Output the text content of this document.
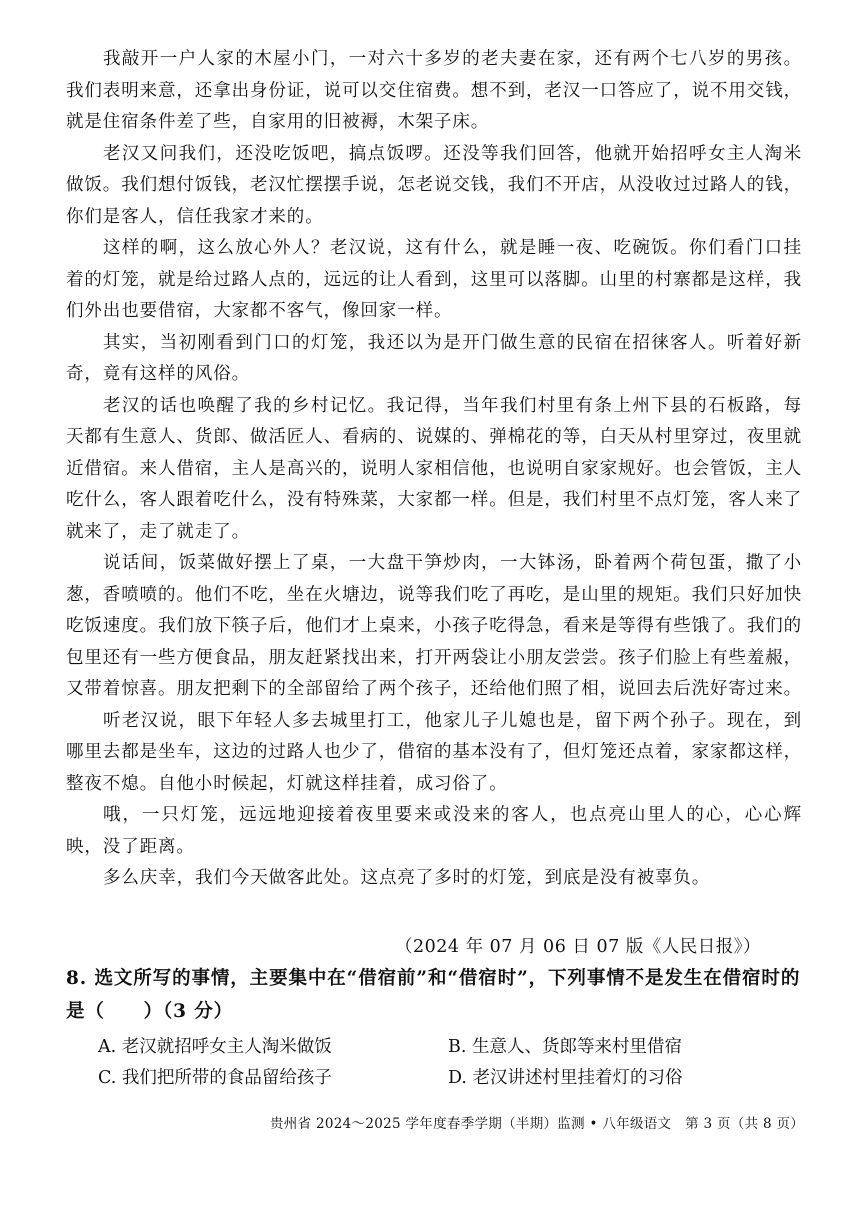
我敲开一户人家的木屋小门，一对六十多岁的老夫妻在家，还有两个七八岁的男孩。我们表明来意，还拿出身份证，说可以交住宿费。想不到，老汉一口答应了，说不用交钱，就是住宿条件差了些，自家用的旧被褥，木架子床。

老汉又问我们，还没吃饭吧，搞点饭啰。还没等我们回答，他就开始招呼女主人淘米做饭。我们想付饭钱，老汉忙摆摆手说，怎老说交钱，我们不开店，从没收过过路人的钱，你们是客人，信任我家才来的。

这样的啊，这么放心外人？老汉说，这有什么，就是睡一夜、吃碗饭。你们看门口挂着的灯笼，就是给过路人点的，远远的让人看到，这里可以落脚。山里的村寨都是这样，我们外出也要借宿，大家都不客气，像回家一样。

其实，当初刚看到门口的灯笼，我还以为是开门做生意的民宿在招徕客人。听着好新奇，竟有这样的风俗。

老汉的话也唤醒了我的乡村记忆。我记得，当年我们村里有条上州下县的石板路，每天都有生意人、货郎、做活匠人、看病的、说媒的、弹棉花的等，白天从村里穿过，夜里就近借宿。来人借宿，主人是高兴的，说明人家相信他，也说明自家家规好。也会管饭，主人吃什么，客人跟着吃什么，没有特殊菜，大家都一样。但是，我们村里不点灯笼，客人来了就来了，走了就走了。

说话间，饭菜做好摆上了桌，一大盘干笋炒肉，一大钵汤，卧着两个荷包蛋，撒了小葱，香喷喷的。他们不吃，坐在火塘边，说等我们吃了再吃，是山里的规矩。我们只好加快吃饭速度。我们放下筷子后，他们才上桌来，小孩子吃得急，看来是等得有些饿了。我们的包里还有一些方便食品，朋友赶紧找出来，打开两袋让小朋友尝尝。孩子们脸上有些羞赧，又带着惊喜。朋友把剩下的全部留给了两个孩子，还给他们照了相，说回去后洗好寄过来。

听老汉说，眼下年轻人多去城里打工，他家儿子儿媳也是，留下两个孙子。现在，到哪里去都是坐车，这边的过路人也少了，借宿的基本没有了，但灯笼还点着，家家都这样，整夜不熄。自他小时候起，灯就这样挂着，成习俗了。

哦，一只灯笼，远远地迎接着夜里要来或没来的客人，也点亮山里人的心，心心辉映，没了距离。

多么庆幸，我们今天做客此处。这点亮了多时的灯笼，到底是没有被辜负。

（2024 年 07 月 06 日 07 版《人民日报》）
8. 选文所写的事情，主要集中在“借宿前”和“借宿时”，下列事情不是发生在借宿时的是（　　）（3 分）
A. 老汉就招呼女主人淘米做饭	B. 生意人、货郎等来村里借宿
C. 我们把所带的食品留给孩子	D. 老汉讲述村里挂着灯的习俗
贵州省 2024～2025 学年度春季学期（半期）监测 • 八年级语文　第 3 页（共 8 页）
